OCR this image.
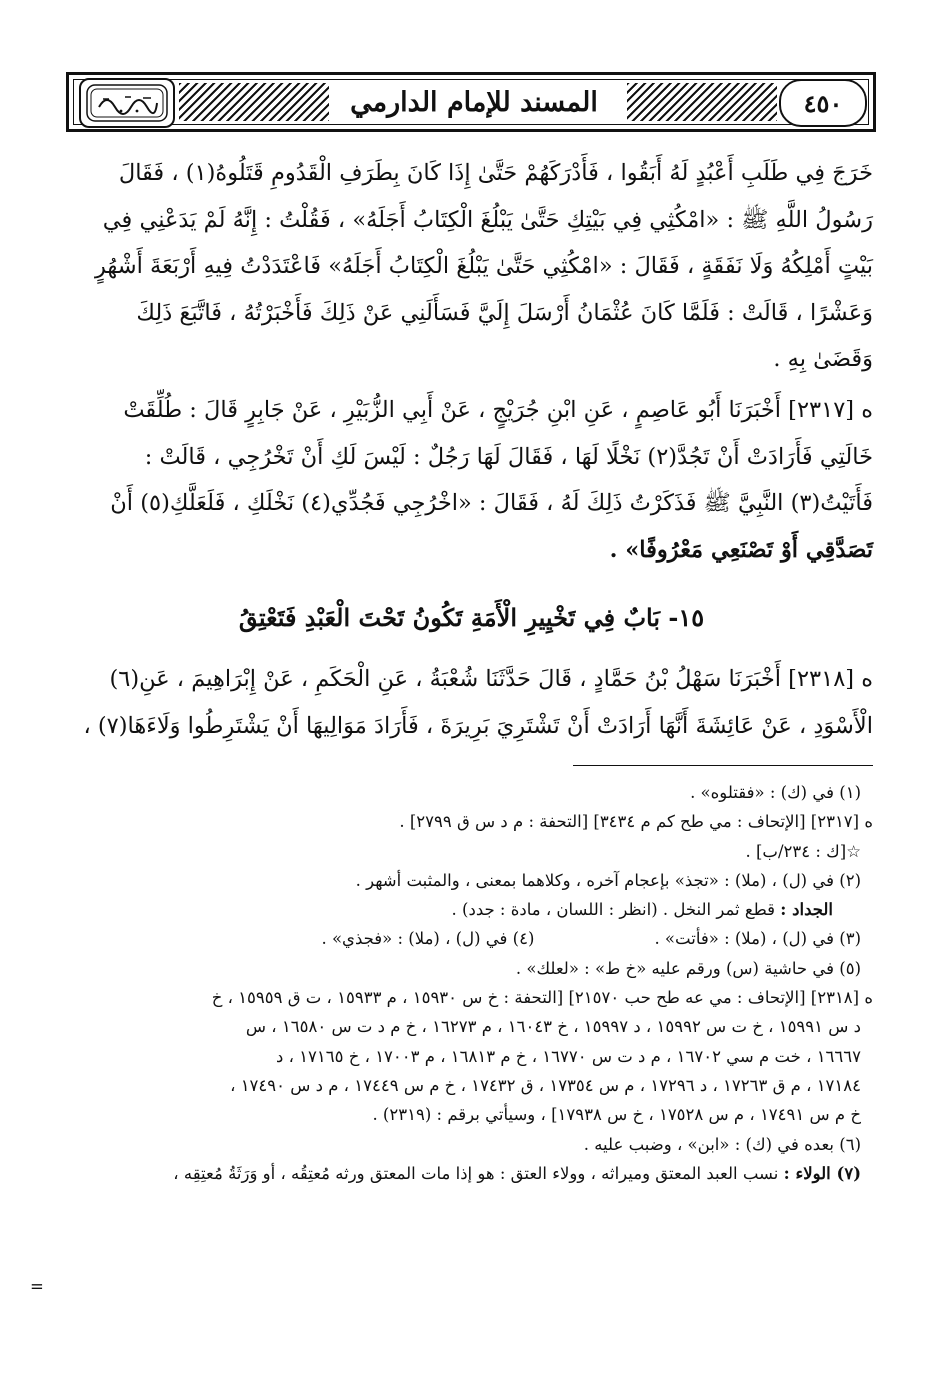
المسند للإمام الدارمي	٤٥٠

خَرَجَ فِي طَلَبِ أَعْبُدٍ لَهُ أَبَقُوا ، فَأَدْرَكَهُمْ حَتَّىٰ إِذَا كَانَ بِطَرَفِ الْقَدُومِ قَتَلُوهُ(١) ، فَقَالَ

رَسُولُ اللَّهِ ﷺ : «امْكُثِي فِي بَيْتِكِ حَتَّىٰ يَبْلُغَ الْكِتَابُ أَجَلَهُ» ، فَقُلْتُ : إِنَّهُ لَمْ يَدَعْنِي فِي

بَيْتٍ أَمْلِكُهُ وَلَا نَفَقَةٍ ، فَقَالَ : «امْكُثِي حَتَّىٰ يَبْلُغَ الْكِتَابُ أَجَلَهُ» فَاعْتَدَدْتُ فِيهِ أَرْبَعَةَ أَشْهُرٍ

وَعَشْرًا ، قَالَتْ : فَلَمَّا كَانَ عُثْمَانُ أَرْسَلَ إِلَيَّ فَسَأَلَنِي عَنْ ذَلِكَ فَأَخْبَرْتُهُ ، فَاتَّبَعَ ذَلِكَ

وَقَضَىٰ بِهِ .

ه [٢٣١٧] أَخْبَرَنَا أَبُو عَاصِمٍ ، عَنِ ابْنِ جُرَيْجٍ ، عَنْ أَبِي الزُّبَيْرِ ، عَنْ جَابِرٍ قَالَ : طُلِّقَتْ

خَالَتِي فَأَرَادَتْ أَنْ تَجُدَّ(٢) نَخْلًا لَهَا ، فَقَالَ لَهَا رَجُلٌ : لَيْسَ لَكِ أَنْ تَخْرُجِي ، قَالَتْ :

فَأَتَيْتُ(٣) النَّبِيَّ ﷺ فَذَكَرْتُ ذَلِكَ لَهُ ، فَقَالَ : «اخْرُجِي فَجُدِّي(٤) نَخْلَكِ ، فَلَعَلَّكِ(٥) أَنْ

تَصَدَّقِي أَوْ تَصْنَعِي مَعْرُوفًا» .

١٥- بَابٌ فِي تَخْيِيرِ الْأَمَةِ تَكُونُ تَحْتَ الْعَبْدِ فَتَعْتِقُ

ه [٢٣١٨] أَخْبَرَنَا سَهْلُ بْنُ حَمَّادٍ ، قَالَ حَدَّثَنَا شُعْبَةُ ، عَنِ الْحَكَمِ ، عَنْ إِبْرَاهِيمَ ، عَنِ(٦)

الْأَسْوَدِ ، عَنْ عَائِشَةَ أَنَّهَا أَرَادَتْ أَنْ تَشْتَرِيَ بَرِيرَةَ ، فَأَرَادَ مَوَالِيهَا أَنْ يَشْتَرِطُوا وَلَاءَهَا(٧) ،

(١) في (ك) : «فقتلوه» .

ه [٢٣١٧] [الإتحاف : مي طح كم م ٣٤٣٤] [التحفة : م د س ق ٢٧٩٩] .

☆[ك : ٢٣٤/ب] .

(٢) في (ل) ، (ملا) : «تجذ» بإعجام آخره ، وكلاهما بمعنى ، والمثبت أشهر .

الجداد : قطع ثمر النخل . (انظر : اللسان ، مادة : جدد) .

(٣) في (ل) ، (ملا) : «فأتت» .
(٤) في (ل) ، (ملا) : «فجذي» .

(٥) في حاشية (س) ورقم عليه «خ ط» : «لعلك» .

ه [٢٣١٨] [الإتحاف : مي عه طح حب ٢١٥٧٠] [التحفة : خ س ١٥٩٣٠ ، م ١٥٩٣٣ ، ت ق ١٥٩٥٩ ، خ

د س ١٥٩٩١ ، خ ت س ١٥٩٩٢ ، د ١٥٩٩٧ ، خ ١٦٠٤٣ ، م ١٦٢٧٣ ، خ م د ت س ١٦٥٨٠ ، س

١٦٦٦٧ ، خت م سي ١٦٧٠٢ ، م د ت س ١٦٧٧٠ ، خ م ١٦٨١٣ ، م ١٧٠٠٣ ، خ ١٧١٦٥ ، د

١٧١٨٤ ، م ق ١٧٢٦٣ ، د ١٧٢٩٦ ، م س ١٧٣٥٤ ، ق ١٧٤٣٢ ، خ م س ١٧٤٤٩ ، م د س ١٧٤٩٠ ،

خ م س ١٧٤٩١ ، م س ١٧٥٢٨ ، خ س ١٧٩٣٨] ، وسيأتي برقم : (٢٣١٩) .

(٦) بعده في (ك) : «ابن» ، وضبب عليه .

(٧) الولاء : نسب العبد المعتق وميراثه ، وولاء العتق : هو إذا مات المعتق ورثه مُعتِقُه ، أو وَرَثَةُ مُعتِقِه ،

=
